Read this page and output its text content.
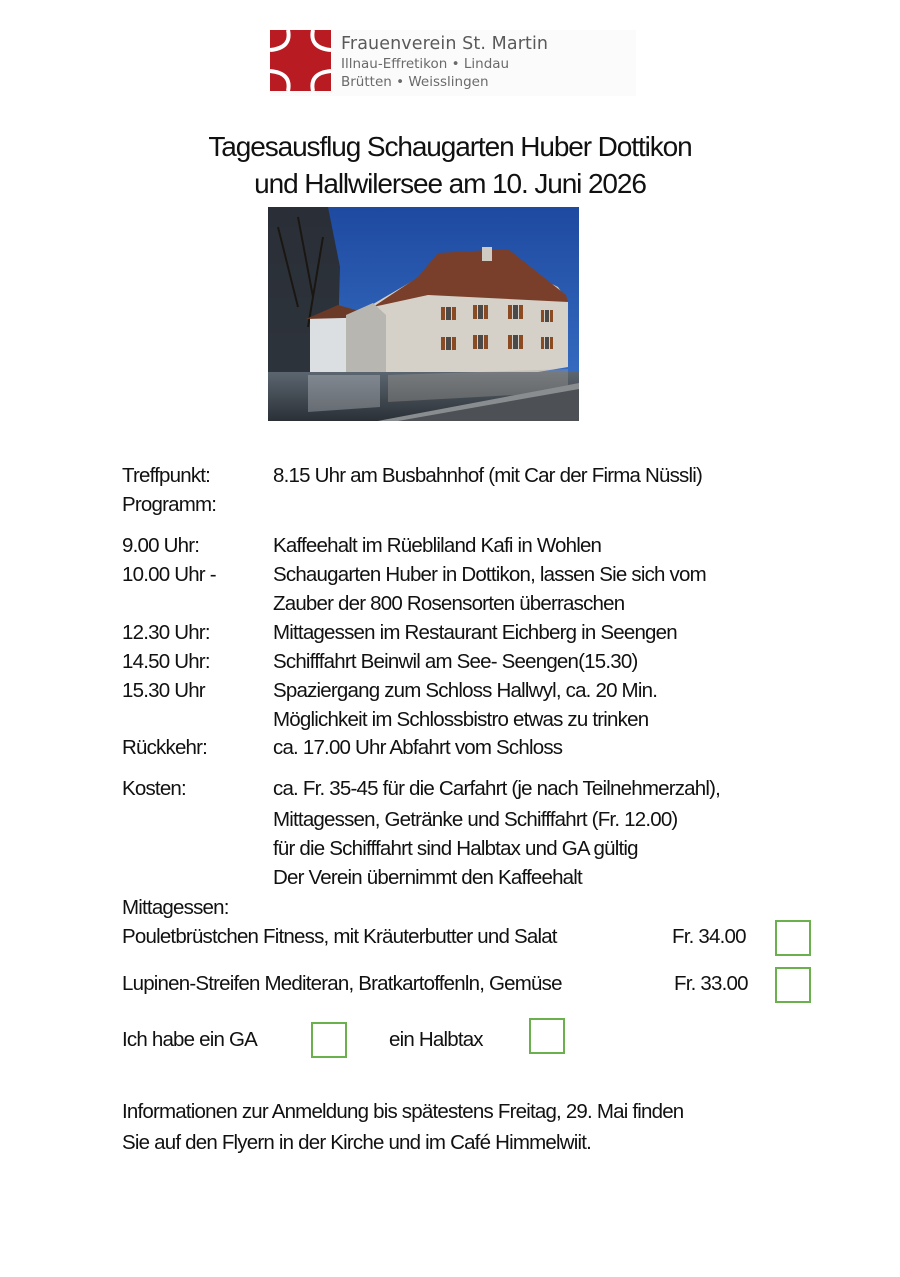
Frauenverein St. Martin
Illnau-Effretikon • Lindau
Brütten • Weisslingen
Tagesausflug Schaugarten Huber Dottikon
und Hallwilersee am 10. Juni 2026
Treffpunkt:	8.15 Uhr am Busbahnhof (mit Car der Firma Nüssli)
Programm:
9.00 Uhr:	Kaffeehalt im Rüebliland Kafi in Wohlen
10.00 Uhr -	Schaugarten Huber in Dottikon, lassen Sie sich vom
Zauber der 800 Rosensorten überraschen
12.30 Uhr:	Mittagessen im Restaurant Eichberg in Seengen
14.50 Uhr:	Schifffahrt Beinwil am See- Seengen(15.30)
15.30 Uhr	Spaziergang zum Schloss Hallwyl, ca. 20 Min.
Möglichkeit im Schlossbistro etwas zu trinken
Rückkehr:	ca. 17.00 Uhr Abfahrt vom Schloss
Kosten:	ca. Fr. 35-45 für die Carfahrt (je nach Teilnehmerzahl),
Mittagessen, Getränke und Schifffahrt (Fr. 12.00)
für die Schifffahrt sind Halbtax und GA gültig
Der Verein übernimmt den Kaffeehalt
Mittagessen:
Pouletbrüstchen Fitness, mit Kräuterbutter und Salat	Fr. 34.00
Lupinen-Streifen Mediteran, Bratkartoffenln, Gemüse	Fr. 33.00
Ich habe ein GA	ein Halbtax
Informationen zur Anmeldung bis spätestens Freitag, 29. Mai finden
Sie auf den Flyern in der Kirche und im Café Himmelwiit.
